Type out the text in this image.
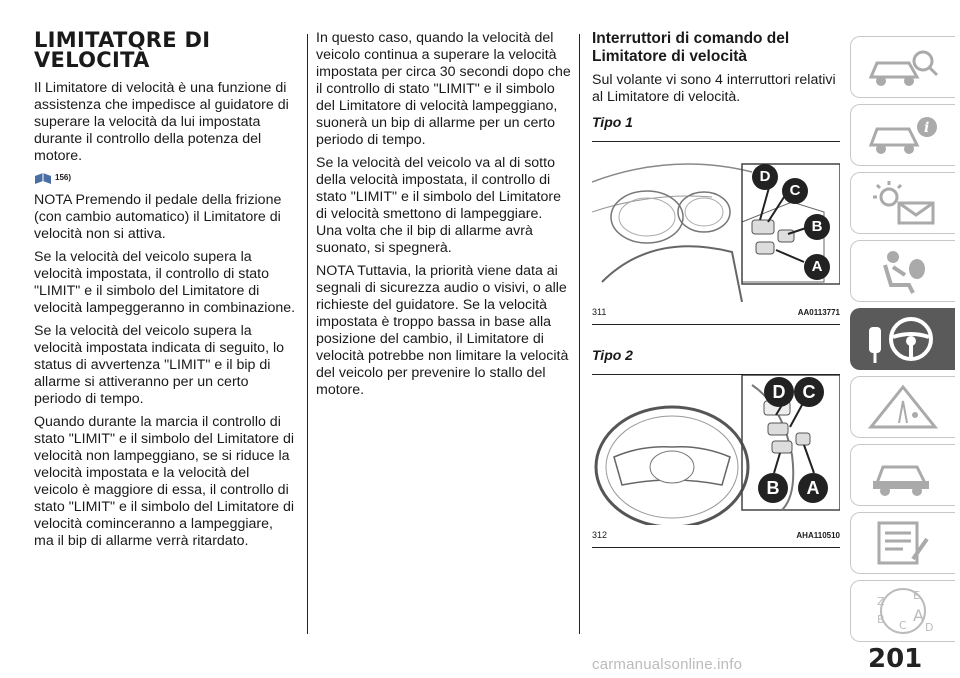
LIMITATORE DI
VELOCITÀ

Il Limitatore di velocità è una funzione di assistenza che impedisce al guidatore di superare la velocità da lui impostata durante il controllo della potenza del motore.

156)

NOTA Premendo il pedale della frizione (con cambio automatico) il Limitatore di velocità non si attiva.

Se la velocità del veicolo supera la velocità impostata, il controllo di stato "LIMIT" e il simbolo del Limitatore di velocità lampeggeranno in combinazione.

Se la velocità del veicolo supera la velocità impostata indicata di seguito, lo status di avvertenza "LIMIT" e il bip di allarme si attiveranno per un certo periodo di tempo.

Quando durante la marcia il controllo di stato "LIMIT" e il simbolo del Limitatore di velocità non lampeggiano, se si riduce la velocità impostata e la velocità del veicolo è maggiore di essa, il controllo di stato "LIMIT" e il simbolo del Limitatore di velocità cominceranno a lampeggiare, ma il bip di allarme verrà ritardato.

In questo caso, quando la velocità del veicolo continua a superare la velocità impostata per circa 30 secondi dopo che il controllo di stato "LIMIT" e il simbolo del Limitatore di velocità lampeggiano, suonerà un bip di allarme per un certo periodo di tempo.

Se la velocità del veicolo va al di sotto della velocità impostata, il controllo di stato "LIMIT" e il simbolo del Limitatore di velocità smettono di lampeggiare. Una volta che il bip di allarme avrà suonato, si spegnerà.

NOTA Tuttavia, la priorità viene data ai segnali di sicurezza audio o visivi, o alle richieste del guidatore. Se la velocità impostata è troppo bassa in base alla posizione del cambio, il Limitatore di velocità potrebbe non limitare la velocità del veicolo per prevenire lo stallo del motore.

Interruttori di comando del Limitatore di velocità

Sul volante vi sono 4 interruttori relativi al Limitatore di velocità.

Tipo 1
D
C
B
A
311	AA0113771
Tipo 2
D C
B	A
312	AHA110510
i
Z	E
B C
A
D
201
carmanualsonline.info
